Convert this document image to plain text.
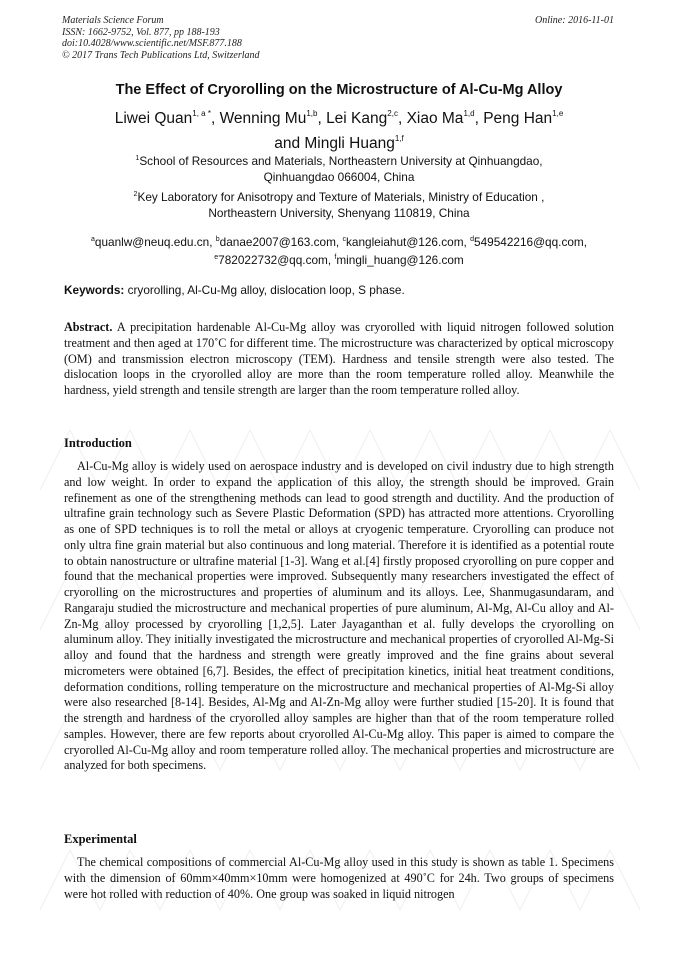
Materials Science Forum
ISSN: 1662-9752, Vol. 877, pp 188-193
doi:10.4028/www.scientific.net/MSF.877.188
© 2017 Trans Tech Publications Ltd, Switzerland
Online: 2016-11-01
The Effect of Cryorolling on the Microstructure of Al-Cu-Mg Alloy
Liwei Quan$^{1, a *}$, Wenning Mu$^{1,b}$, Lei Kang$^{2,c}$, Xiao Ma$^{1,d}$, Peng Han$^{1,e}$
and Mingli Huang$^{1,f}$
$^1$School of Resources and Materials, Northeastern University at Qinhuangdao,
Qinhuangdao 066004, China
$^2$Key Laboratory for Anisotropy and Texture of Materials, Ministry of Education ,
Northeastern University, Shenyang 110819, China
$^a$quanlw@neuq.edu.cn, $^b$danae2007@163.com, $^c$kangleiahut@126.com, $^d$549542216@qq.com,
$^e$782022732@qq.com, $^f$mingli_huang@126.com
Keywords: cryorolling, Al-Cu-Mg alloy, dislocation loop, S phase.
Abstract. A precipitation hardenable Al-Cu-Mg alloy was cryorolled with liquid nitrogen followed solution treatment and then aged at 170˚C for different time. The microstructure was characterized by optical microscopy (OM) and transmission electron microscopy (TEM). Hardness and tensile strength were also tested. The dislocation loops in the cryorolled alloy are more than the room temperature rolled alloy. Meanwhile the hardness, yield strength and tensile strength are larger than the room temperature rolled alloy.
Introduction
Al-Cu-Mg alloy is widely used on aerospace industry and is developed on civil industry due to high strength and low weight. In order to expand the application of this alloy, the strength should be improved. Grain refinement as one of the strengthening methods can lead to good strength and ductility. And the production of ultrafine grain technology such as Severe Plastic Deformation (SPD) has attracted more attentions. Cryorolling as one of SPD techniques is to roll the metal or alloys at cryogenic temperature. Cryorolling can produce not only ultra fine grain material but also continuous and long material. Therefore it is identified as a potential route to obtain nanostructure or ultrafine material [1-3]. Wang et al.[4] firstly proposed cryorolling on pure copper and found that the mechanical properties were improved. Subsequently many researchers investigated the effect of cryorolling on the microstructures and properties of aluminum and its alloys. Lee, Shanmugasundaram, and Rangaraju studied the microstructure and mechanical properties of pure aluminum, Al-Mg, Al-Cu alloy and Al-Zn-Mg alloy processed by cryorolling [1,2,5]. Later Jayaganthan et al. fully develops the cryorolling on aluminum alloy. They initially investigated the microstructure and mechanical properties of cryorolled Al-Mg-Si alloy and found that the hardness and strength were greatly improved and the fine grains about several micrometers were obtained [6,7]. Besides, the effect of precipitation kinetics, initial heat treatment conditions, deformation conditions, rolling temperature on the microstructure and mechanical properties of Al-Mg-Si alloy were also researched [8-14]. Besides, Al-Mg and Al-Zn-Mg alloy were further studied [15-20]. It is found that the strength and hardness of the cryorolled alloy samples are higher than that of the room temperature rolled samples. However, there are few reports about cryorolled Al-Cu-Mg alloy. This paper is aimed to compare the cryorolled Al-Cu-Mg alloy and room temperature rolled alloy. The mechanical properties and microstructure are analyzed for both specimens.
Experimental
The chemical compositions of commercial Al-Cu-Mg alloy used in this study is shown as table 1. Specimens with the dimension of 60mm×40mm×10mm were homogenized at 490˚C for 24h. Two groups of specimens were hot rolled with reduction of 40%. One group was soaked in liquid nitrogen
